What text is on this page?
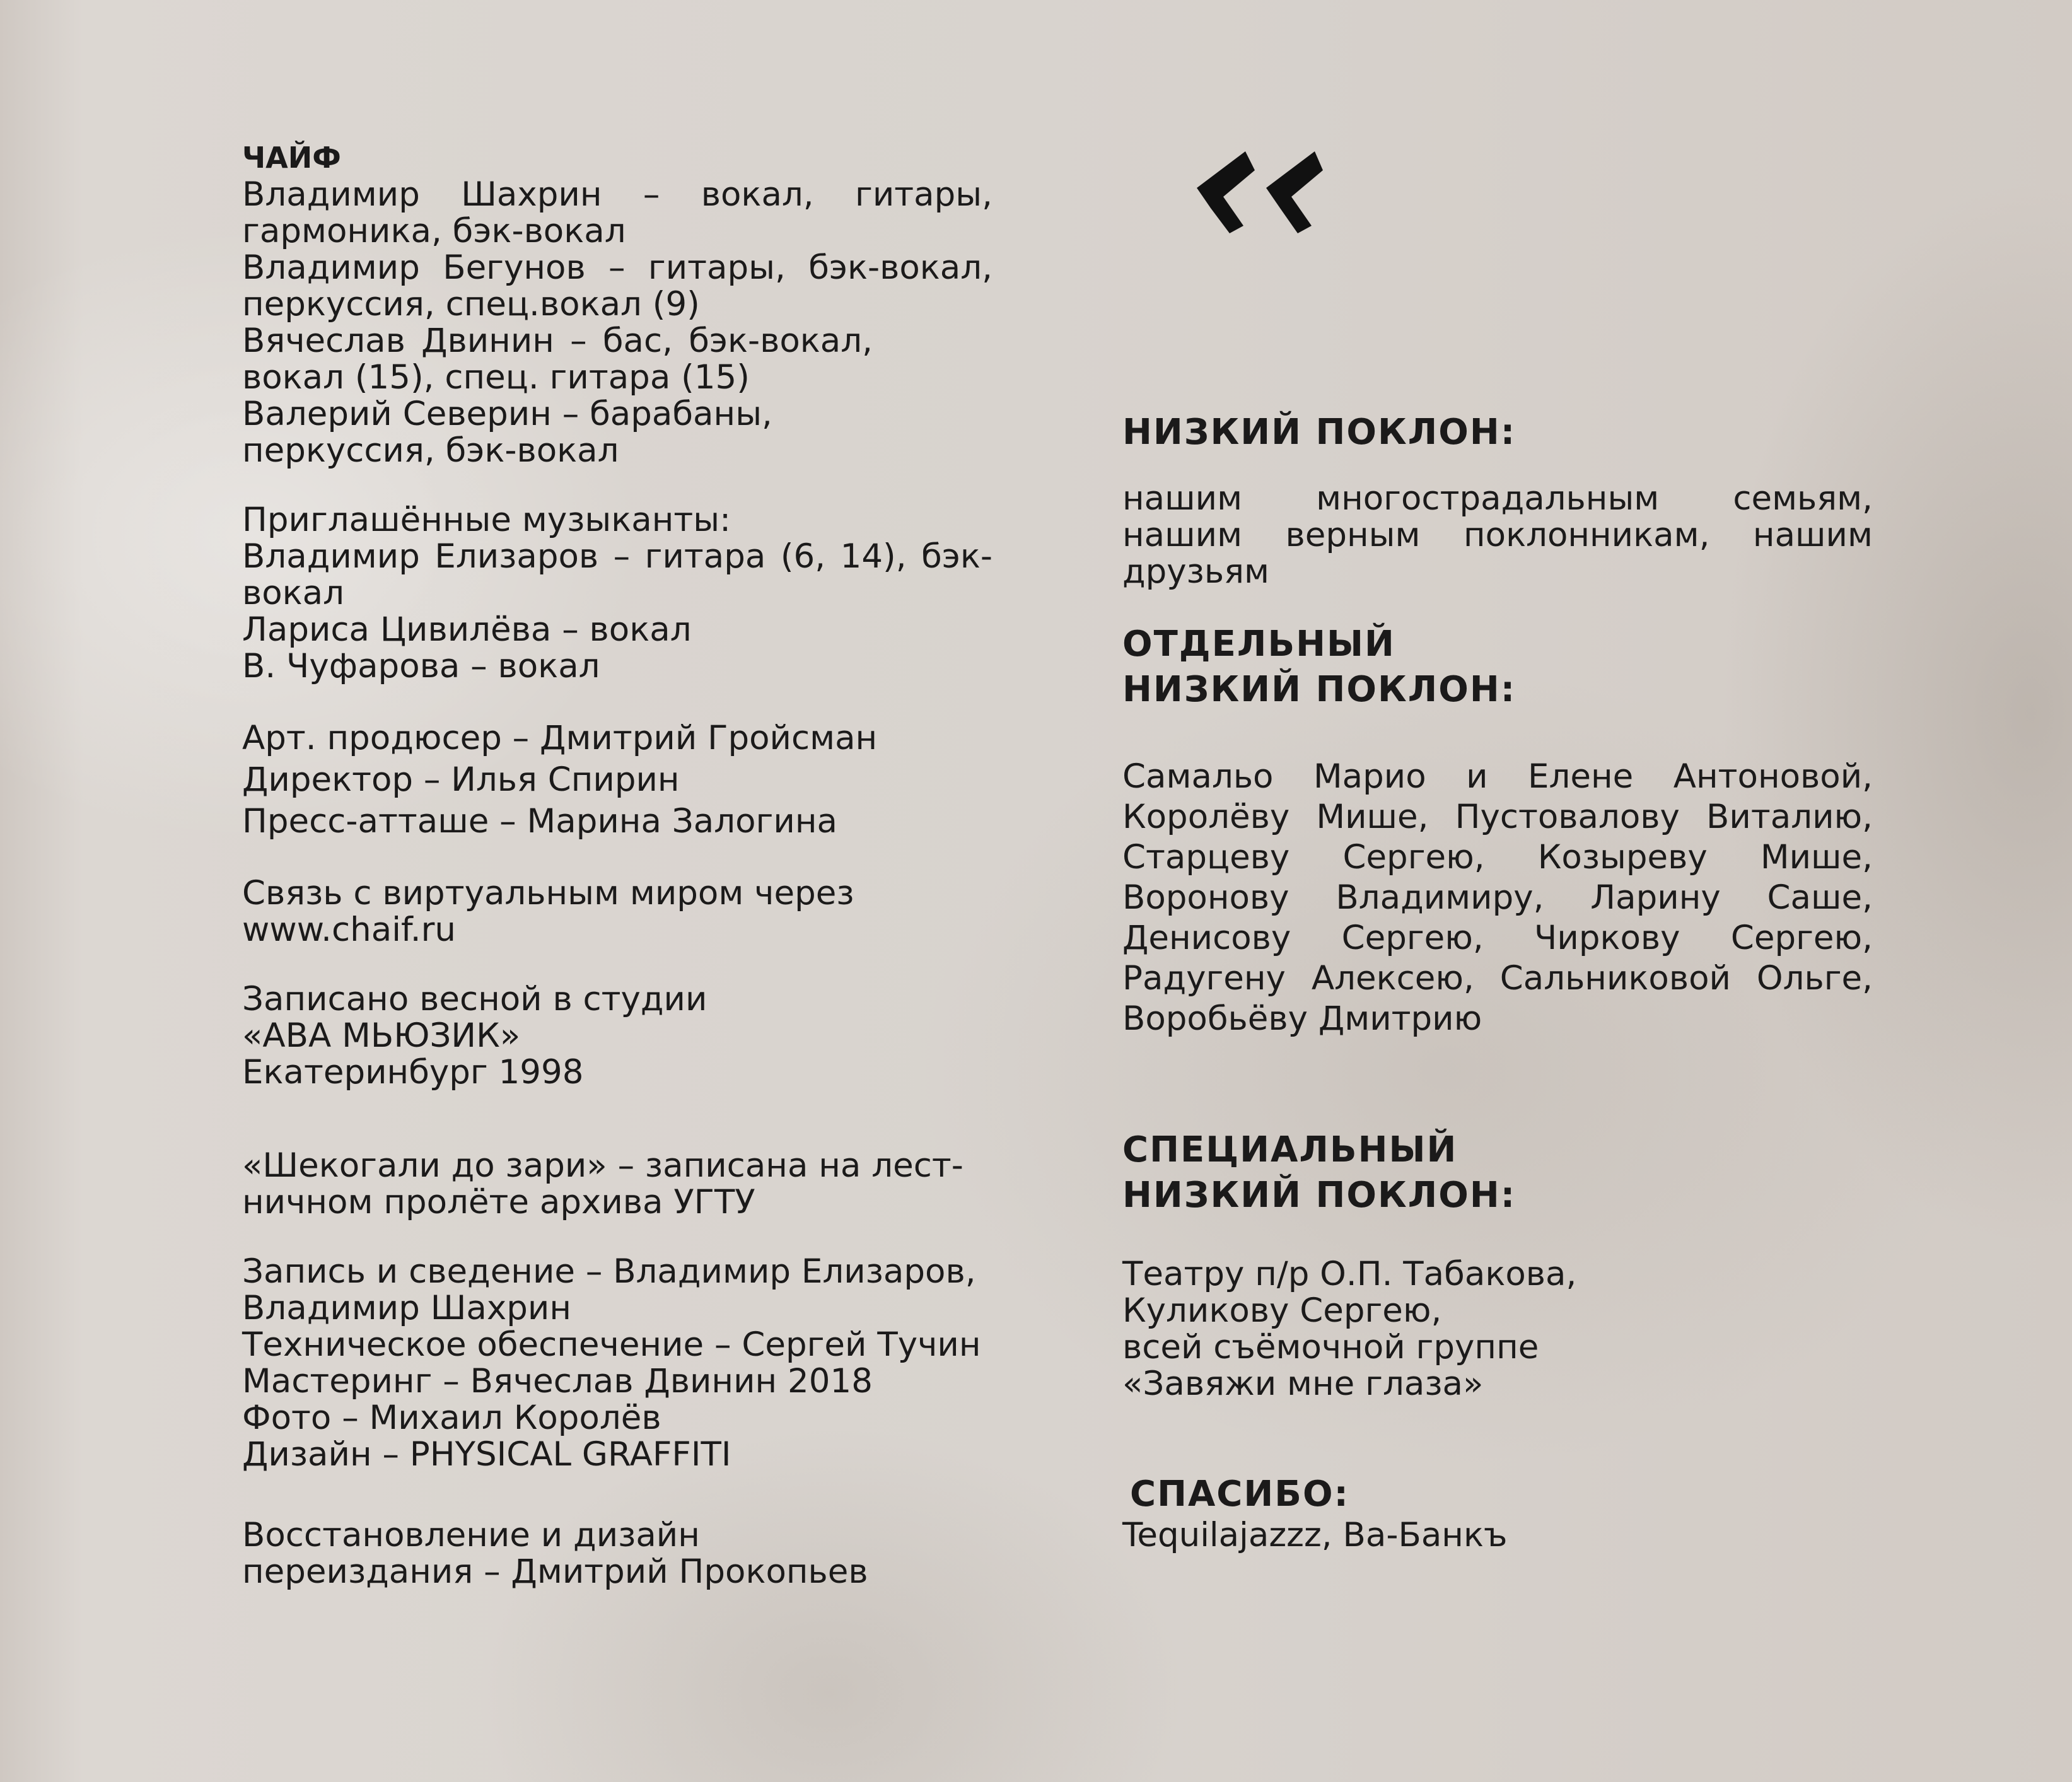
ЧАЙФ

Владимир Шахрин – вокал, гитары, гармоника, бэк-вокал

Владимир Бегунов – гитары, бэк-вокал, перкуссия, спец.вокал (9)

Вячеслав Двинин – бас, бэк-вокал, вокал (15), спец. гитара (15)

Валерий Северин – барабаны, перкуссия, бэк-вокал

Приглашённые музыканты:

Владимир Елизаров – гитара (6, 14), бэк-вокал

Лариса Цивилёва – вокал

В. Чуфарова – вокал

Арт. продюсер – Дмитрий Гройсман

Директор – Илья Спирин

Пресс-атташе – Марина Залогина

Связь с виртуальным миром через

www.chaif.ru

Записано весной в студии

«АВА МЬЮЗИК»

Екатеринбург 1998

«Шекогали до зари» – записана на лест-

ничном пролёте архива УГТУ

Запись и сведение – Владимир Елизаров,

Владимир Шахрин

Техническое обеспечение – Сергей Тучин

Мастеринг – Вячеслав Двинин 2018

Фото – Михаил Королёв

Дизайн – PHYSICAL GRAFFITI

Восстановление и дизайн

переиздания – Дмитрий Прокопьев

НИЗКИЙ ПОКЛОН:

нашим многострадальным семьям, нашим верным поклонникам, нашим друзьям

ОТДЕЛЬНЫЙ
НИЗКИЙ ПОКЛОН:

Самальо Марио и Елене Антоновой, Королёву Мише, Пустовалову Виталию, Старцеву Сергею, Козыреву Мише, Воронову Владимиру, Ларину Саше, Денисову Сергею, Чиркову Сергею, Радугену Алексею, Сальниковой Ольге, Воробьёву Дмитрию

СПЕЦИАЛЬНЫЙ
НИЗКИЙ ПОКЛОН:

Театру п/р О.П. Табакова,

Куликову Сергею,

всей съёмочной группе

«Завяжи мне глаза»

СПАСИБО:

Tequilajazzz, Ва-Банкъ
